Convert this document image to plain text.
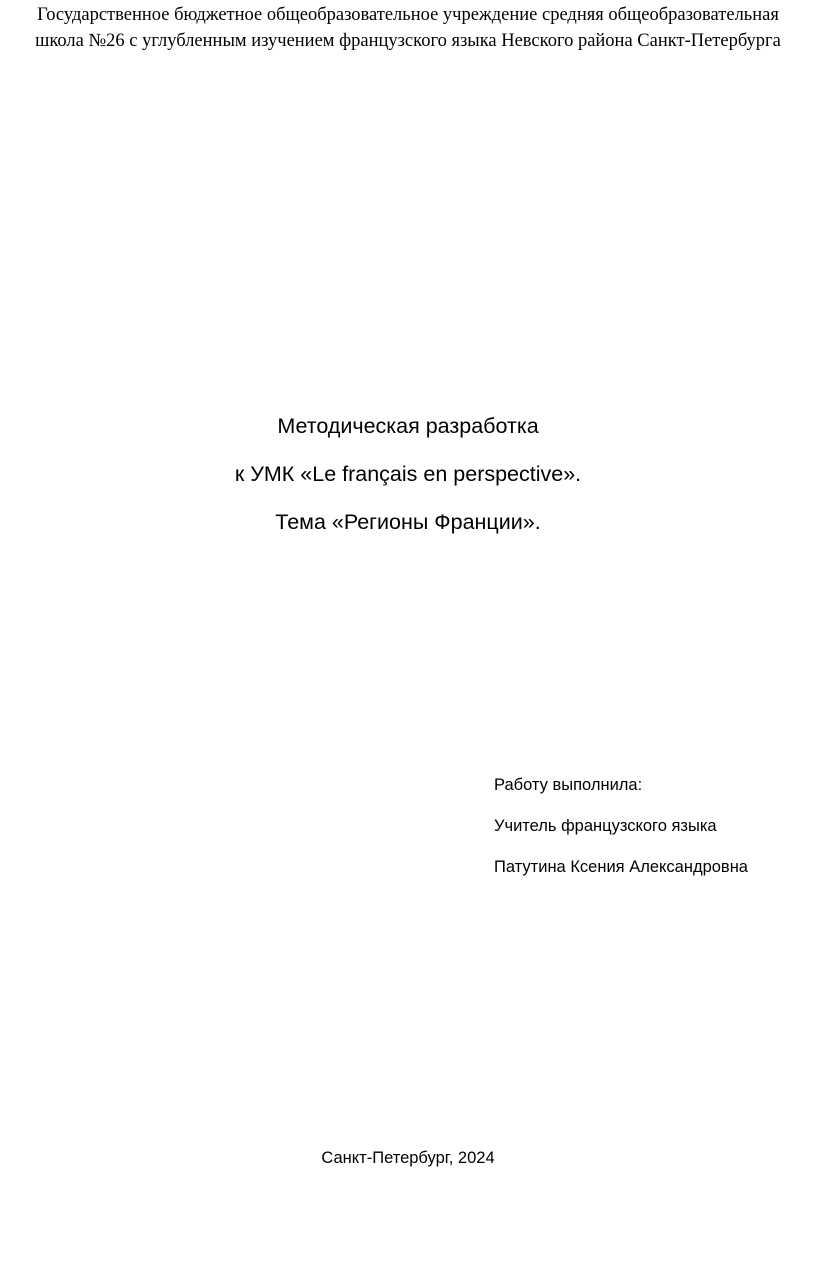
Государственное бюджетное общеобразовательное учреждение средняя общеобразовательная
школа №26 с углубленным изучением французского языка Невского района Санкт-Петербурга
Методическая разработка
к УМК «Le français en perspective».
Тема «Регионы Франции».
Работу выполнила:
Учитель французского языка
Патутина Ксения Александровна
Санкт-Петербург, 2024
